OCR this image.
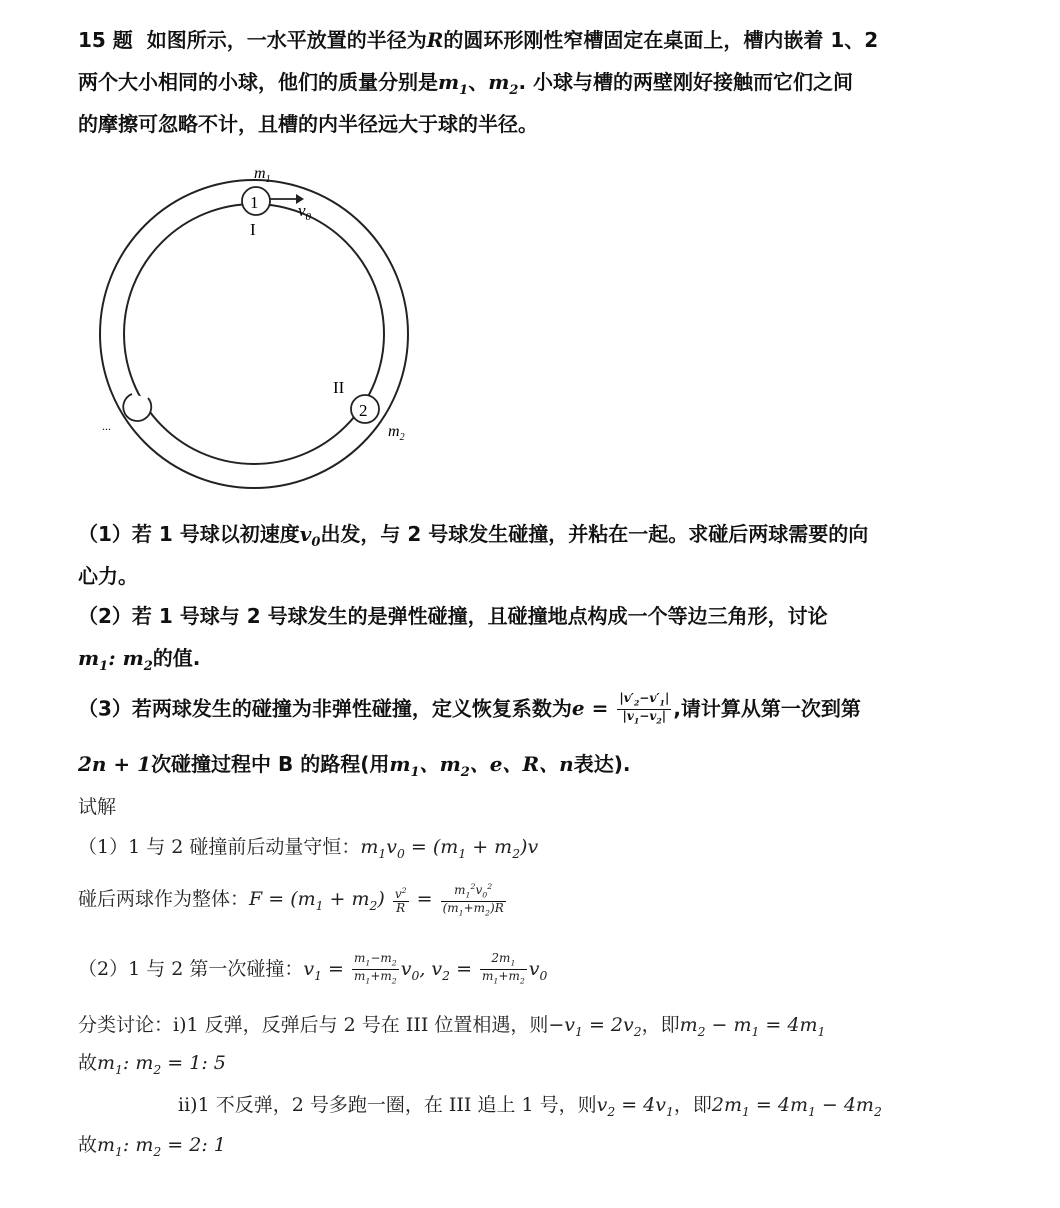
15 题 如图所示，一水平放置的半径为R的圆环形刚性窄槽固定在桌面上，槽内嵌着 1、2
两个大小相同的小球，他们的质量分别是$m_1$、$m_2$. 小球与槽的两壁刚好接触而它们之间
的摩擦可忽略不计，且槽的内半径远大于球的半径。
1 $v_0$
$m_1$
I
2
II
$m_2$
...
（1）若 1 号球以初速度$v_0$出发，与 2 号球发生碰撞，并粘在一起。求碰后两球需要的向
心力。
（2）若 1 号球与 2 号球发生的是弹性碰撞，且碰撞地点构成一个等边三角形，讨论
$m_1$: $m_2$的值.
（3）若两球发生的碰撞为非弹性碰撞，定义恢复系数为$e = \frac{|v'_2-v'_1|}{|v_1-v_2|}$ ,请计算从第一次到第
2n + 1次碰撞过程中 B 的路程(用$m_1$、$m_2$、e、R、n表达).
试解
（1）1 与 2 碰撞前后动量守恒：$m_1v_0 = (m_1 + m_2)v$
碰后两球作为整体：$F = (m_1 + m_2) \frac{v^2}{R} = \frac{m_1^2v_0^2}{(m_1+m_2)R}$
（2）1 与 2 第一次碰撞：$v_1 = \frac{m_1-m_2}{m_1+m_2} v_0$, $v_2 = \frac{2m_1}{m_1+m_2} v_0$
分类讨论：i)1 反弹，反弹后与 2 号在 III 位置相遇，则$-v_1 = 2v_2$，即$m_2 - m_1 = 4m_1$
故$m_1$: $m_2 = 1$: 5
ii)1 不反弹，2 号多跑一圈，在 III 追上 1 号，则$v_2 = 4v_1$，即$2m_1 = 4m_1 - 4m_2$
故$m_1$: $m_2 = 2$: 1
